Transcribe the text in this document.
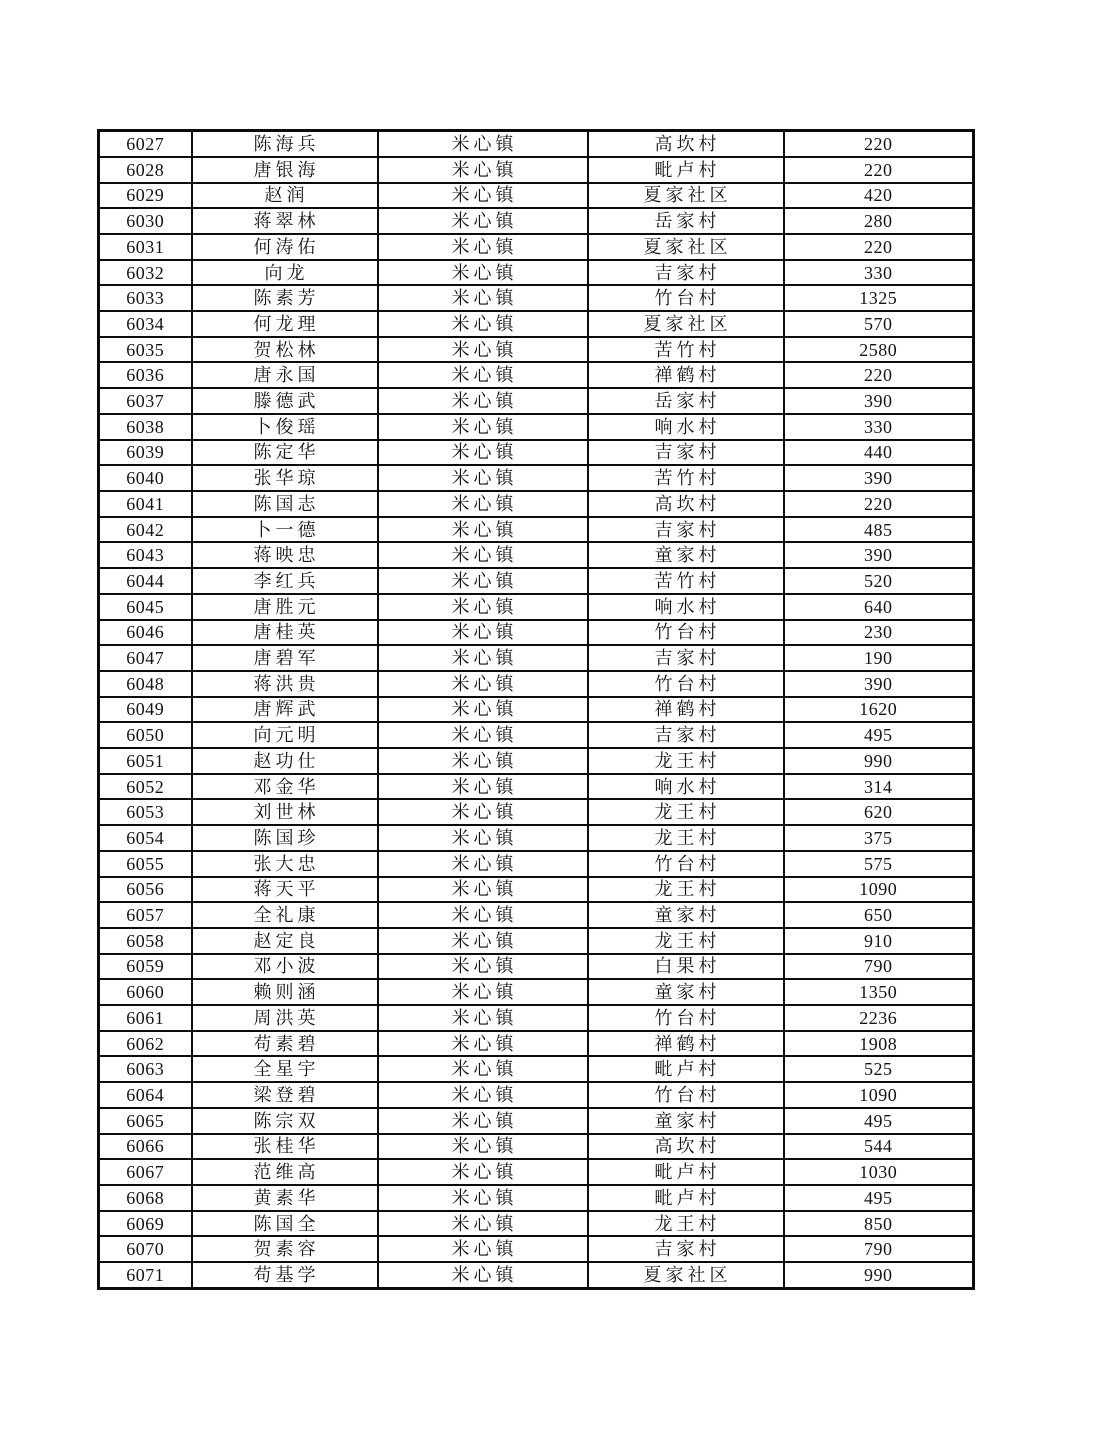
6027	陈海兵	米心镇	高坎村	220
6028	唐银海	米心镇	毗卢村	220
6029	赵润	米心镇	夏家社区	420
6030	蒋翠林	米心镇	岳家村	280
6031	何涛佑	米心镇	夏家社区	220
6032	向龙	米心镇	吉家村	330
6033	陈素芳	米心镇	竹台村	1325
6034	何龙理	米心镇	夏家社区	570
6035	贺松林	米心镇	苦竹村	2580
6036	唐永国	米心镇	禅鹤村	220
6037	滕德武	米心镇	岳家村	390
6038	卜俊瑶	米心镇	响水村	330
6039	陈定华	米心镇	吉家村	440
6040	张华琼	米心镇	苦竹村	390
6041	陈国志	米心镇	高坎村	220
6042	卜一德	米心镇	吉家村	485
6043	蒋映忠	米心镇	童家村	390
6044	李红兵	米心镇	苦竹村	520
6045	唐胜元	米心镇	响水村	640
6046	唐桂英	米心镇	竹台村	230
6047	唐碧军	米心镇	吉家村	190
6048	蒋洪贵	米心镇	竹台村	390
6049	唐辉武	米心镇	禅鹤村	1620
6050	向元明	米心镇	吉家村	495
6051	赵功仕	米心镇	龙王村	990
6052	邓金华	米心镇	响水村	314
6053	刘世林	米心镇	龙王村	620
6054	陈国珍	米心镇	龙王村	375
6055	张大忠	米心镇	竹台村	575
6056	蒋天平	米心镇	龙王村	1090
6057	全礼康	米心镇	童家村	650
6058	赵定良	米心镇	龙王村	910
6059	邓小波	米心镇	白果村	790
6060	赖则涵	米心镇	童家村	1350
6061	周洪英	米心镇	竹台村	2236
6062	苟素碧	米心镇	禅鹤村	1908
6063	全星宇	米心镇	毗卢村	525
6064	梁登碧	米心镇	竹台村	1090
6065	陈宗双	米心镇	童家村	495
6066	张桂华	米心镇	高坎村	544
6067	范维高	米心镇	毗卢村	1030
6068	黄素华	米心镇	毗卢村	495
6069	陈国全	米心镇	龙王村	850
6070	贺素容	米心镇	吉家村	790
6071	苟基学	米心镇	夏家社区	990
